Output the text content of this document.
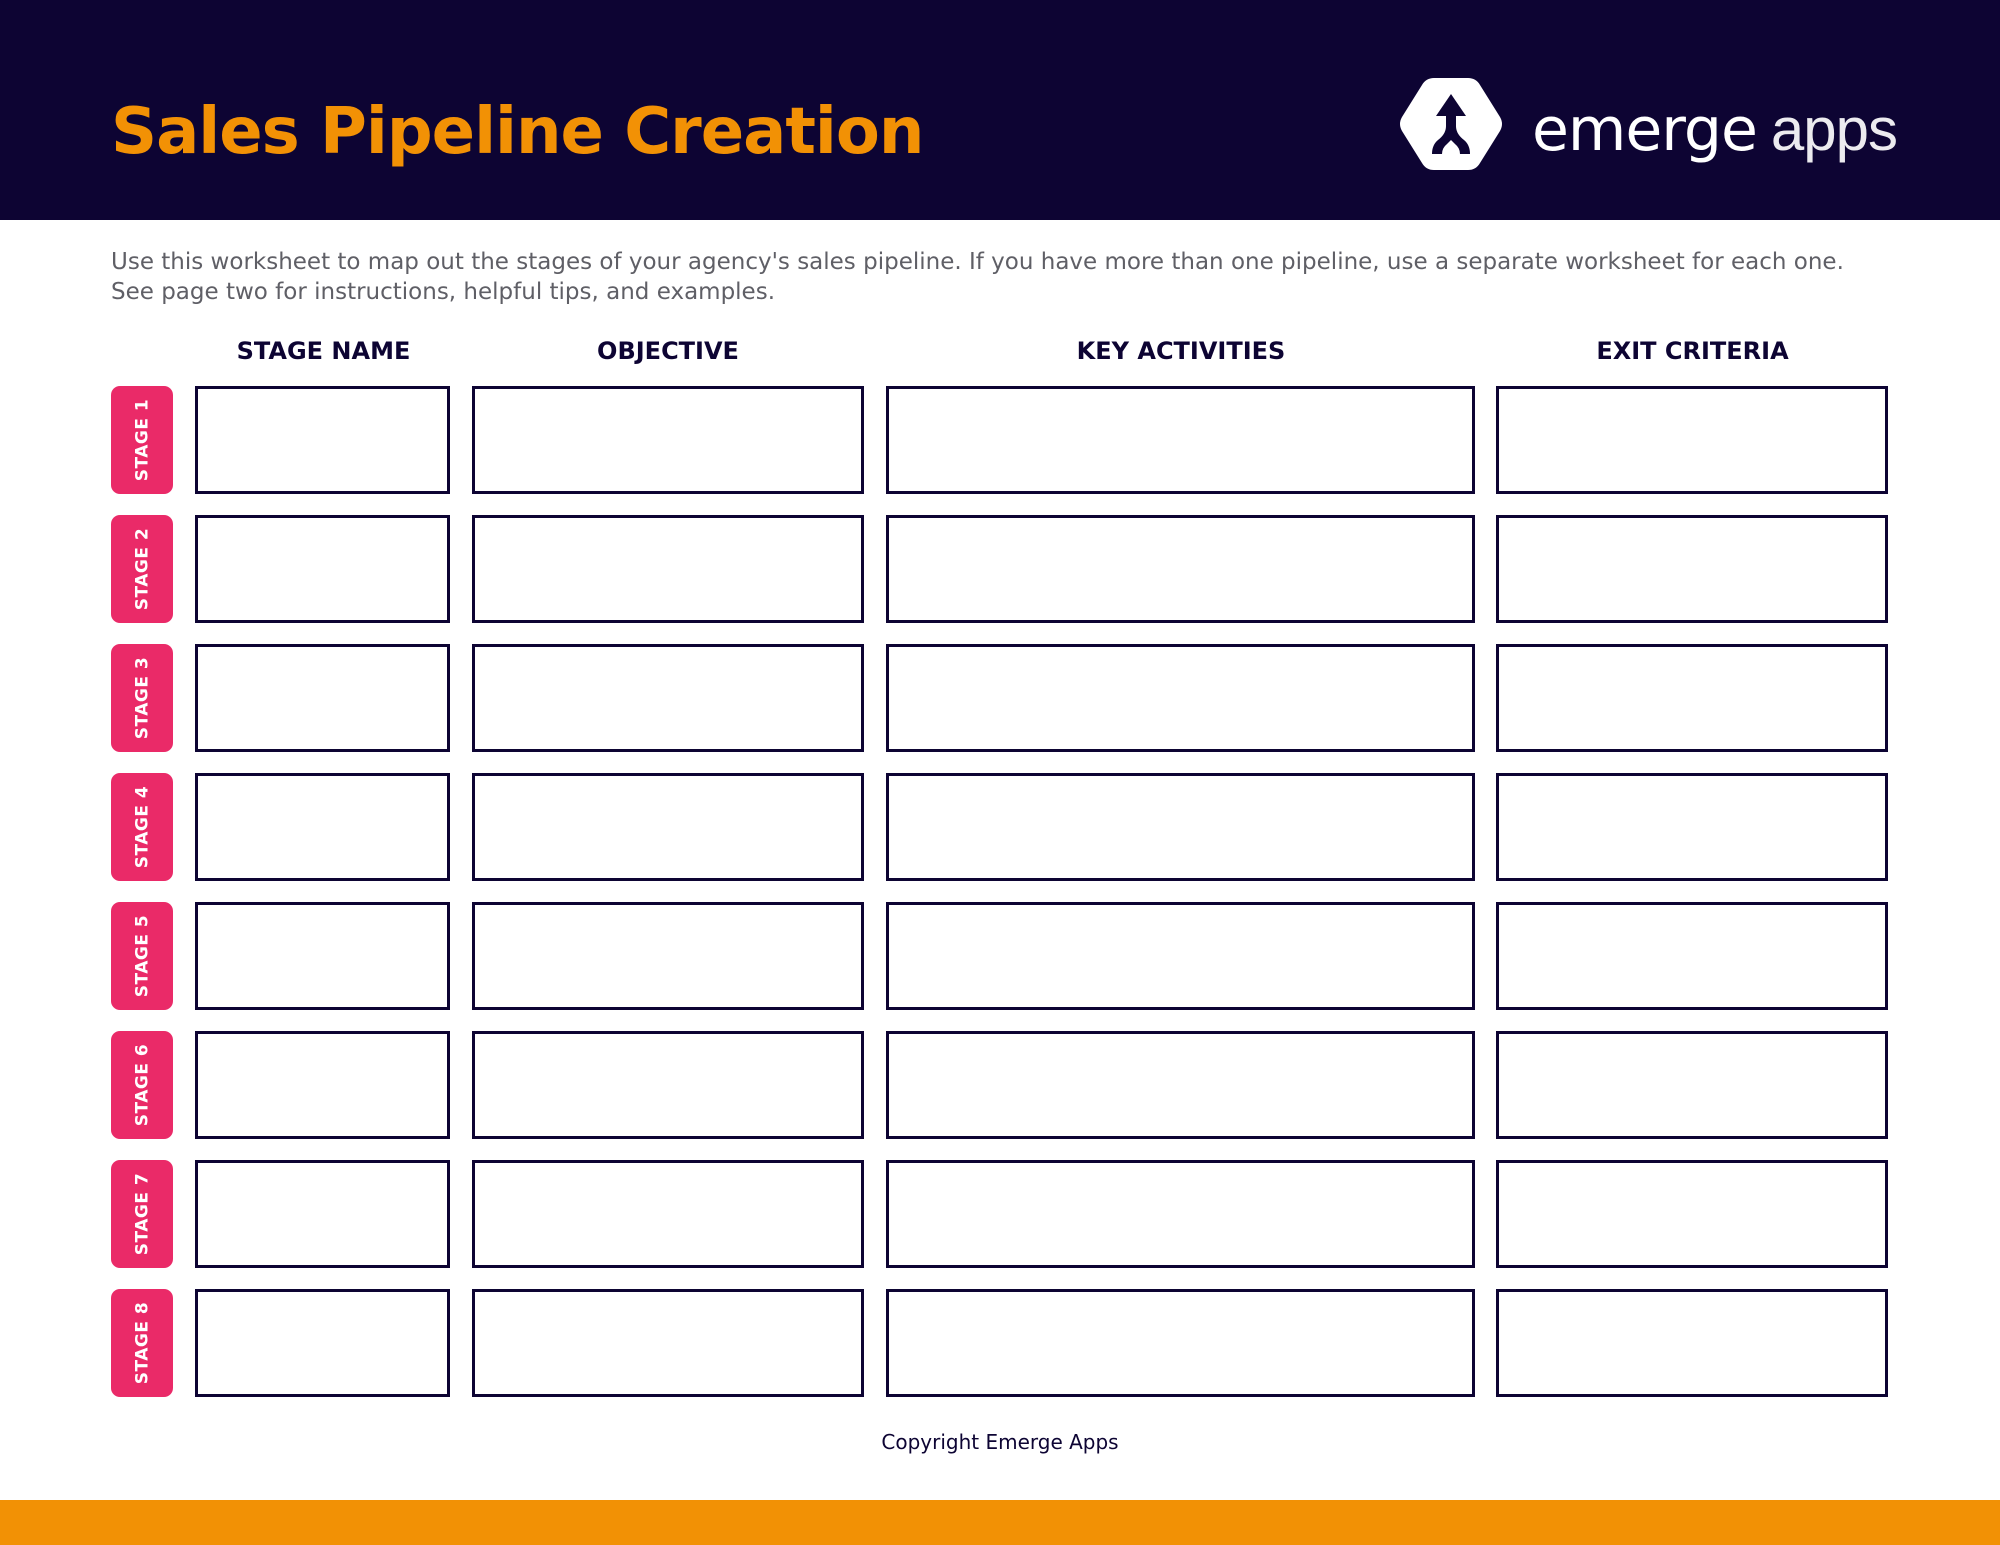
Sales Pipeline Creation	emerge apps

Use this worksheet to map out the stages of your agency's sales pipeline. If you have more than one pipeline, use a separate worksheet for each one.

See page two for instructions, helpful tips, and examples.

STAGE NAME	OBJECTIVE	KEY ACTIVITIES	EXIT CRITERIA
STAGE 1
STAGE 2
STAGE 3
STAGE 4
STAGE 5
STAGE 6
STAGE 7
STAGE 8
Copyright Emerge Apps
